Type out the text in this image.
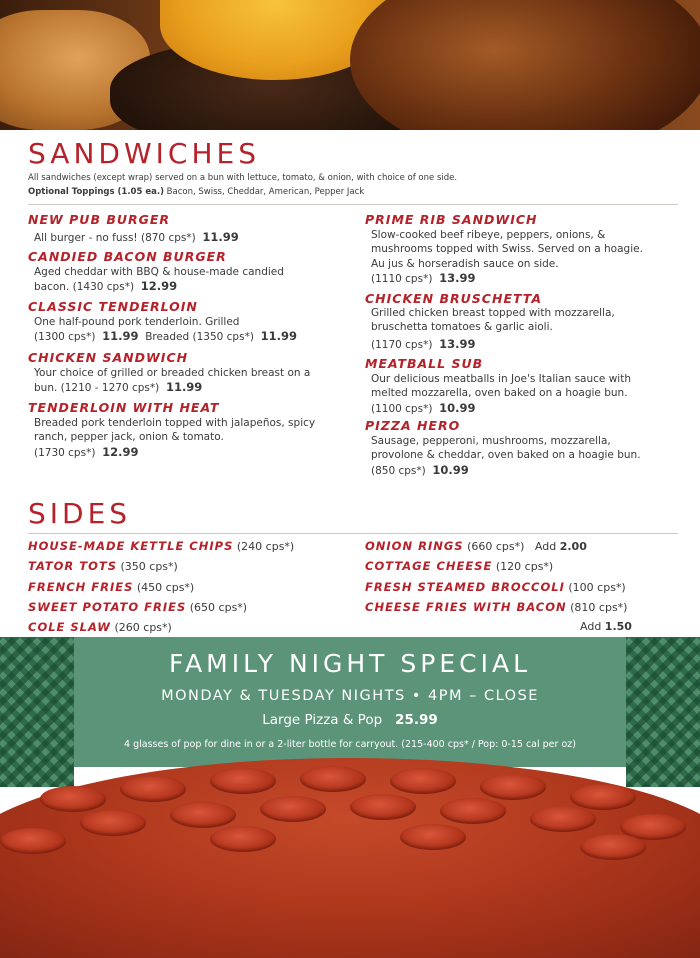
SANDWICHES
All sandwiches (except wrap) served on a bun with lettuce, tomato, & onion, with choice of one side.
Optional Toppings (1.05 ea.) Bacon, Swiss, Cheddar, American, Pepper Jack
NEW PUB BURGER
All burger - no fuss! (870 cps*) 11.99
CANDIED BACON BURGER
Aged cheddar with BBQ & house-made candied
bacon. (1430 cps*) 12.99
CLASSIC TENDERLOIN
One half-pound pork tenderloin. Grilled
(1300 cps*) 11.99 Breaded (1350 cps*) 11.99
CHICKEN SANDWICH
Your choice of grilled or breaded chicken breast on a
bun. (1210 - 1270 cps*) 11.99
TENDERLOIN WITH HEAT
Breaded pork tenderloin topped with jalapeños, spicy
ranch, pepper jack, onion & tomato.
(1730 cps*) 12.99
PRIME RIB SANDWICH
Slow-cooked beef ribeye, peppers, onions, &
mushrooms topped with Swiss. Served on a hoagie.
Au jus & horseradish sauce on side.
(1110 cps*) 13.99
CHICKEN BRUSCHETTA
Grilled chicken breast topped with mozzarella,
bruschetta tomatoes & garlic aioli.
(1170 cps*) 13.99
MEATBALL SUB
Our delicious meatballs in Joe's Italian sauce with
melted mozzarella, oven baked on a hoagie bun.
(1100 cps*) 10.99
PIZZA HERO
Sausage, pepperoni, mushrooms, mozzarella,
provolone & cheddar, oven baked on a hoagie bun.
(850 cps*) 10.99
SIDES
HOUSE-MADE KETTLE CHIPS (240 cps*)
TATOR TOTS (350 cps*)
FRENCH FRIES (450 cps*)
SWEET POTATO FRIES (650 cps*)
COLE SLAW (260 cps*)
ONION RINGS (660 cps*) Add 2.00
COTTAGE CHEESE (120 cps*)
FRESH STEAMED BROCCOLI (100 cps*)
CHEESE FRIES WITH BACON (810 cps*)
Add 1.50
FAMILY NIGHT SPECIAL
MONDAY & TUESDAY NIGHTS • 4PM – CLOSE
Large Pizza & Pop 25.99
4 glasses of pop for dine in or a 2-liter bottle for carryout. (215-400 cps* / Pop: 0-15 cal per oz)
